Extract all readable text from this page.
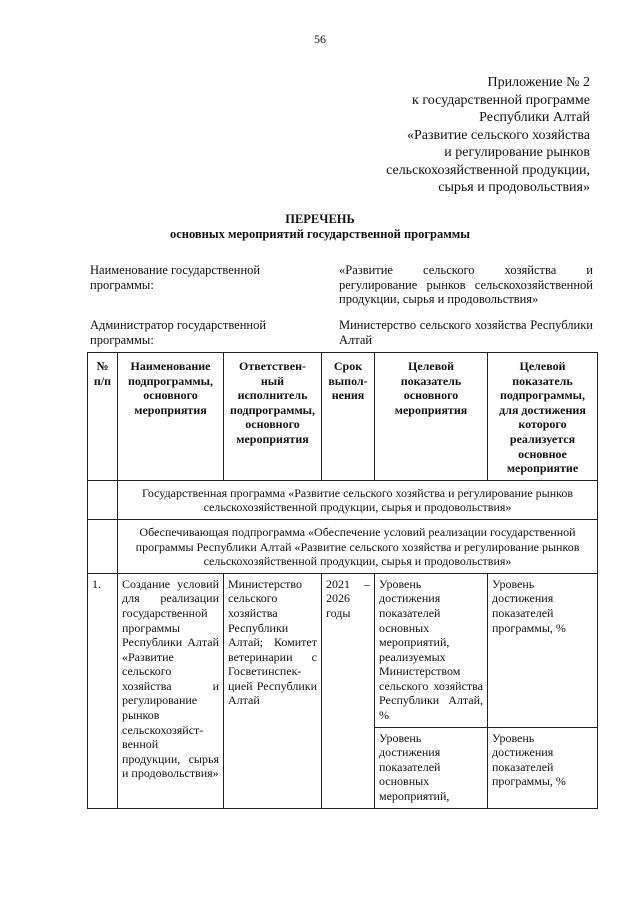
56
Приложение № 2
к государственной программе
Республики Алтай
«Развитие сельского хозяйства
и регулирование рынков
сельскохозяйственной продукции,
сырья и продовольствия»
ПЕРЕЧЕНЬ
основных мероприятий государственной программы
Наименование государственной программы:
«Развитие сельского хозяйства и регулирование рынков сельскохозяйственной продукции, сырья и продовольствия»
Администратор государственной программы:
Министерство сельского хозяйства Республики Алтай
№ п/п	Наименование подпрограммы, основного мероприятия	Ответствен-ный исполнитель подпрограммы, основного мероприятия	Срок выпол-нения	Целевой показатель основного мероприятия	Целевой показатель подпрограммы, для достижения которого реализуется основное мероприятие
	Государственная программа «Развитие сельского хозяйства и регулирование рынков сельскохозяйственной продукции, сырья и продовольствия»				
	Обеспечивающая подпрограмма «Обеспечение условий реализации государственной программы Республики Алтай «Развитие сельского хозяйства и регулирование рынков сельскохозяйственной продукции, сырья и продовольствия»				
1.	Создание условий для реализации государственной программы Республики Алтай «Развитие сельского хозяйства и регулирование рынков сельскохозяйст-венной продукции, сырья и продовольствия»	Министерство сельского хозяйства Республики Алтай; Комитет ветеринарии с Госветинспек-цией Республики Алтай	2021 – 2026 годы	Уровень достижения показателей основных мероприятий, реализуемых Министерством сельского хозяйства Республики Алтай, %	Уровень достижения показателей программы, %
				Уровень достижения показателей основных мероприятий,	Уровень достижения показателей программы, %
